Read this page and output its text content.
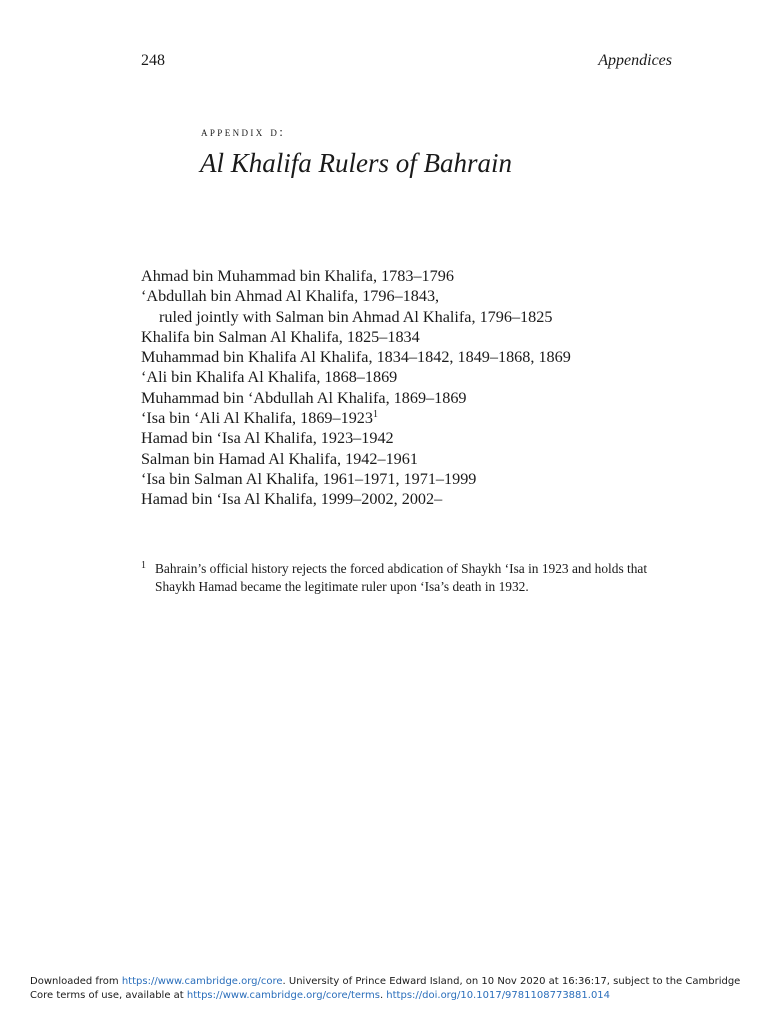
248	Appendices
appendix d:
Al Khalifa Rulers of Bahrain
Ahmad bin Muhammad bin Khalifa, 1783–1796
‘Abdullah bin Ahmad Al Khalifa, 1796–1843,
ruled jointly with Salman bin Ahmad Al Khalifa, 1796–1825
Khalifa bin Salman Al Khalifa, 1825–1834
Muhammad bin Khalifa Al Khalifa, 1834–1842, 1849–1868, 1869
‘Ali bin Khalifa Al Khalifa, 1868–1869
Muhammad bin ‘Abdullah Al Khalifa, 1869–1869
‘Isa bin ‘Ali Al Khalifa, 1869–1923$^1$
Hamad bin ‘Isa Al Khalifa, 1923–1942
Salman bin Hamad Al Khalifa, 1942–1961
‘Isa bin Salman Al Khalifa, 1961–1971, 1971–1999
Hamad bin ‘Isa Al Khalifa, 1999–2002, 2002–
1 Bahrain’s official history rejects the forced abdication of Shaykh ‘Isa in 1923 and holds that Shaykh Hamad became the legitimate ruler upon ‘Isa’s death in 1932.
Downloaded from https://www.cambridge.org/core. University of Prince Edward Island, on 10 Nov 2020 at 16:36:17, subject to the Cambridge Core terms of use, available at https://www.cambridge.org/core/terms. https://doi.org/10.1017/9781108773881.014
